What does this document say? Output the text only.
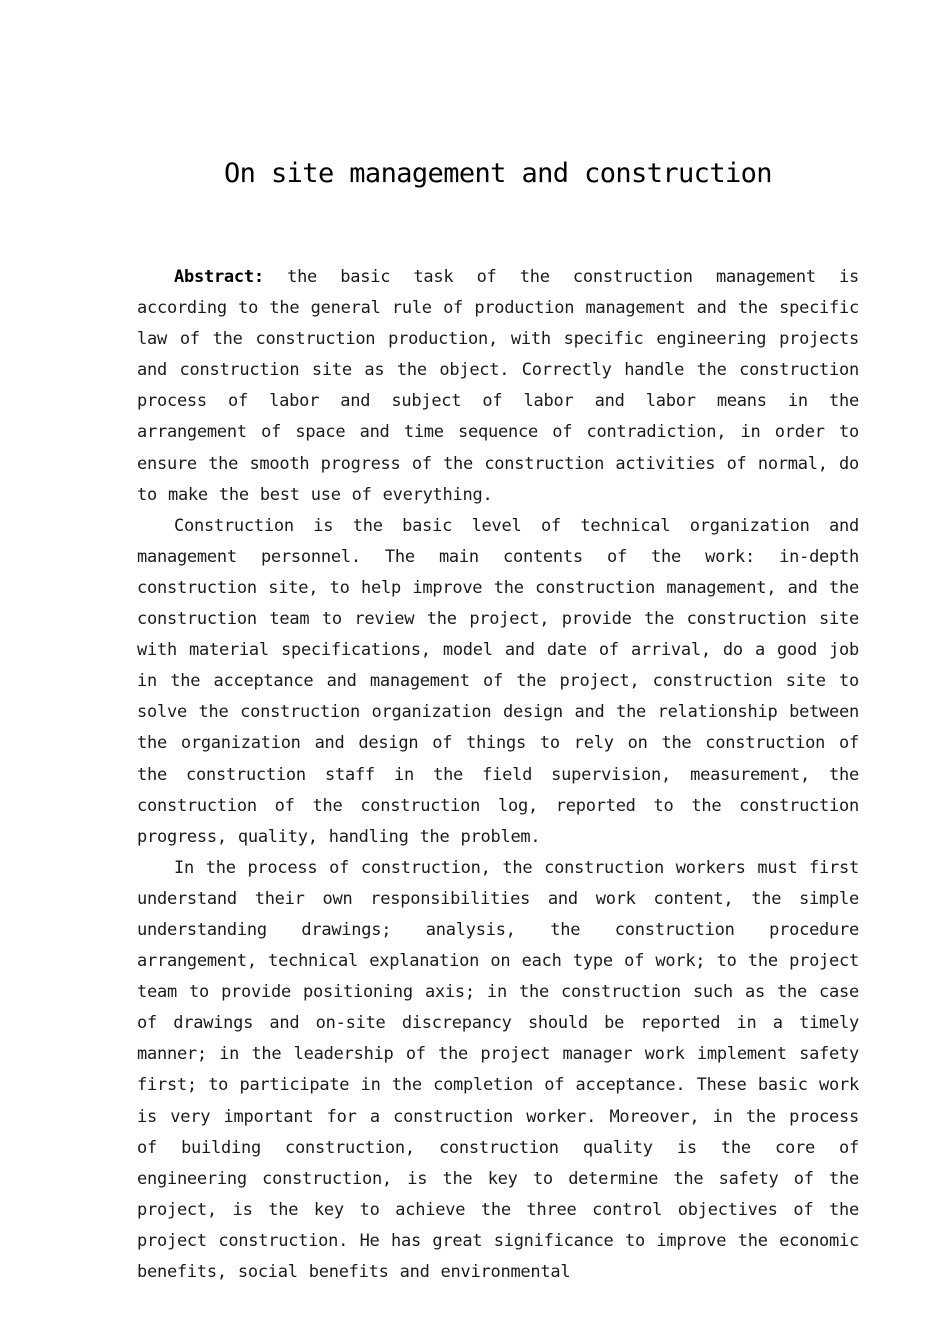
On site management and construction

Abstract: the basic task of the construction management is according to the general rule of production management and the specific law of the construction production, with specific engineering projects and construction site as the object. Correctly handle the construction process of labor and subject of labor and labor means in the arrangement of space and time sequence of contradiction, in order to ensure the smooth progress of the construction activities of normal, do to make the best use of everything.

Construction is the basic level of technical organization and management personnel. The main contents of the work: in-depth construction site, to help improve the construction management, and the construction team to review the project, provide the construction site with material specifications, model and date of arrival, do a good job in the acceptance and management of the project, construction site to solve the construction organization design and the relationship between the organization and design of things to rely on the construction of the construction staff in the field supervision, measurement, the construction of the construction log, reported to the construction progress, quality, handling the problem.

In the process of construction, the construction workers must first understand their own responsibilities and work content, the simple understanding drawings; analysis, the construction procedure arrangement, technical explanation on each type of work; to the project team to provide positioning axis; in the construction such as the case of drawings and on-site discrepancy should be reported in a timely manner; in the leadership of the project manager work implement safety first; to participate in the completion of acceptance. These basic work is very important for a construction worker. Moreover, in the process of building construction, construction quality is the core of engineering construction, is the key to determine the safety of the project, is the key to achieve the three control objectives of the project construction. He has great significance to improve the economic benefits, social benefits and environmental
